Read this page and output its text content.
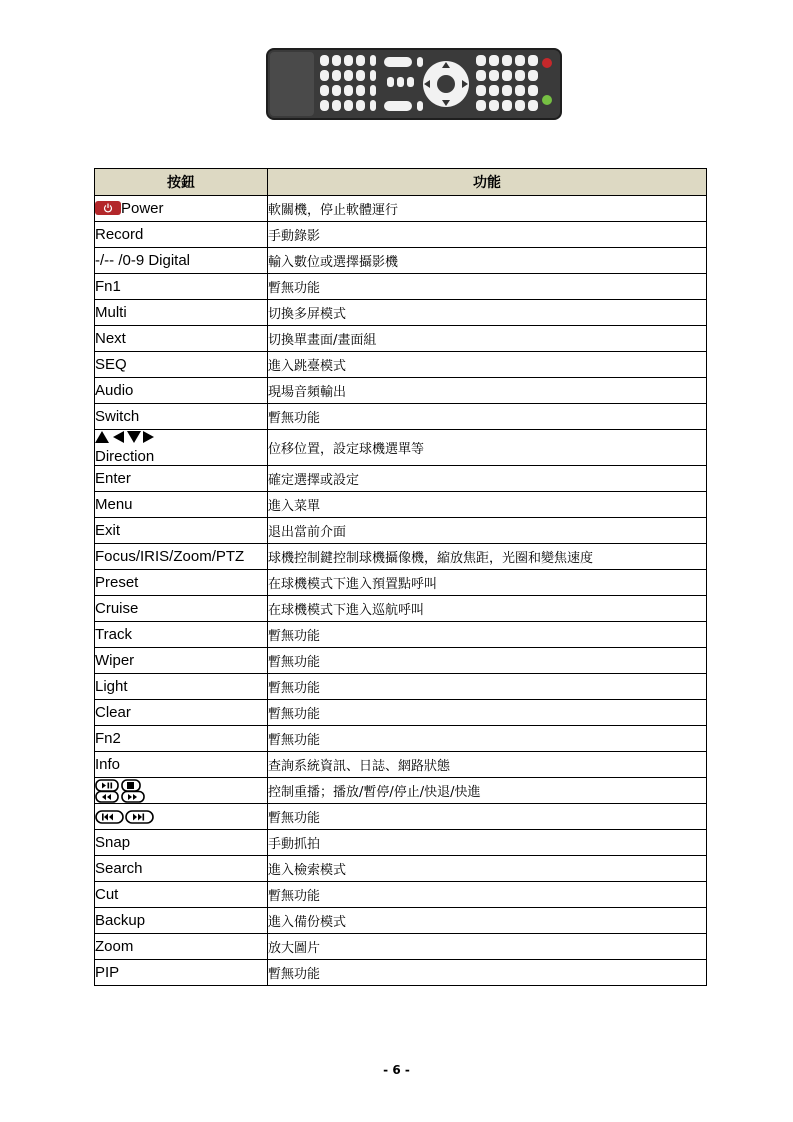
按鈕	功能

Power	軟關機，停止軟體運行
Record	手動錄影
-/-- /0-9 Digital	輸入數位或選擇攝影機
Fn1	暫無功能
Multi	切換多屏模式
Next	切換單畫面/畫面組
SEQ	進入跳臺模式
Audio	現場音頻輸出
Switch	暫無功能

Direction	位移位置，設定球機選單等
Enter	確定選擇或設定
Menu	進入菜單
Exit	退出當前介面
Focus/IRIS/Zoom/PTZ	球機控制鍵控制球機攝像機，縮放焦距，光圈和變焦速度
Preset	在球機模式下進入預置點呼叫
Cruise	在球機模式下進入巡航呼叫
Track	暫無功能
Wiper	暫無功能
Light	暫無功能
Clear	暫無功能
Fn2	暫無功能
Info	查詢系統資訊、日誌、網路狀態

	控制重播；播放/暫停/停止/快退/快進

	暫無功能
Snap	手動抓拍
Search	進入檢索模式
Cut	暫無功能
Backup	進入備份模式
Zoom	放大圖片
PIP	暫無功能
- 6 -
